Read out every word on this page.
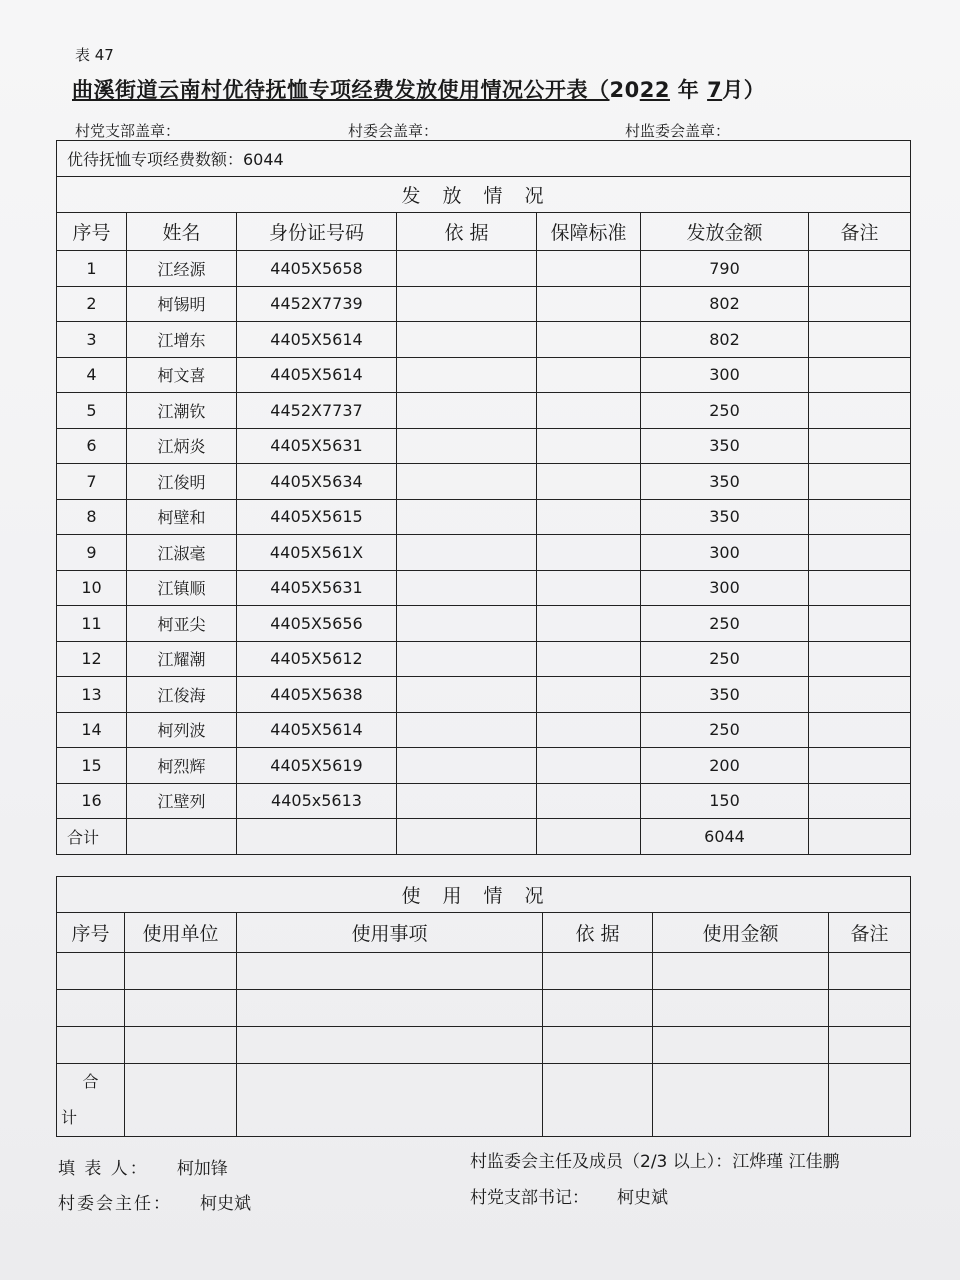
表 47
曲溪街道云南村优待抚恤专项经费发放使用情况公开表（2022 年 7月）
村党支部盖章：	村委会盖章：	村监委会盖章：
优待抚恤专项经费数额：6044						
发放情况						
序号	姓名	身份证号码	依 据	保障标准	发放金额	备注
1	江经源	4405X5658			790	
2	柯锡明	4452X7739			802	
3	江增东	4405X5614			802	
4	柯文喜	4405X5614			300	
5	江潮钦	4452X7737			250	
6	江炳炎	4405X5631			350	
7	江俊明	4405X5634			350	
8	柯壁和	4405X5615			350	
9	江淑毫	4405X561X			300	
10	江镇顺	4405X5631			300	
11	柯亚尖	4405X5656			250	
12	江耀潮	4405X5612			250	
13	江俊海	4405X5638			350	
14	柯列波	4405X5614			250	
15	柯烈辉	4405X5619			200	
16	江壁列	4405x5613			150	
合计					6044	
使用情况					
序号	使用单位	使用事项	依 据	使用金额	备注

合
计					

填 表 人： 柯加锋
村委会主任： 柯史斌
村监委会主任及成员（2/3 以上）：江烨瑾 江佳鹏
村党支部书记： 柯史斌
